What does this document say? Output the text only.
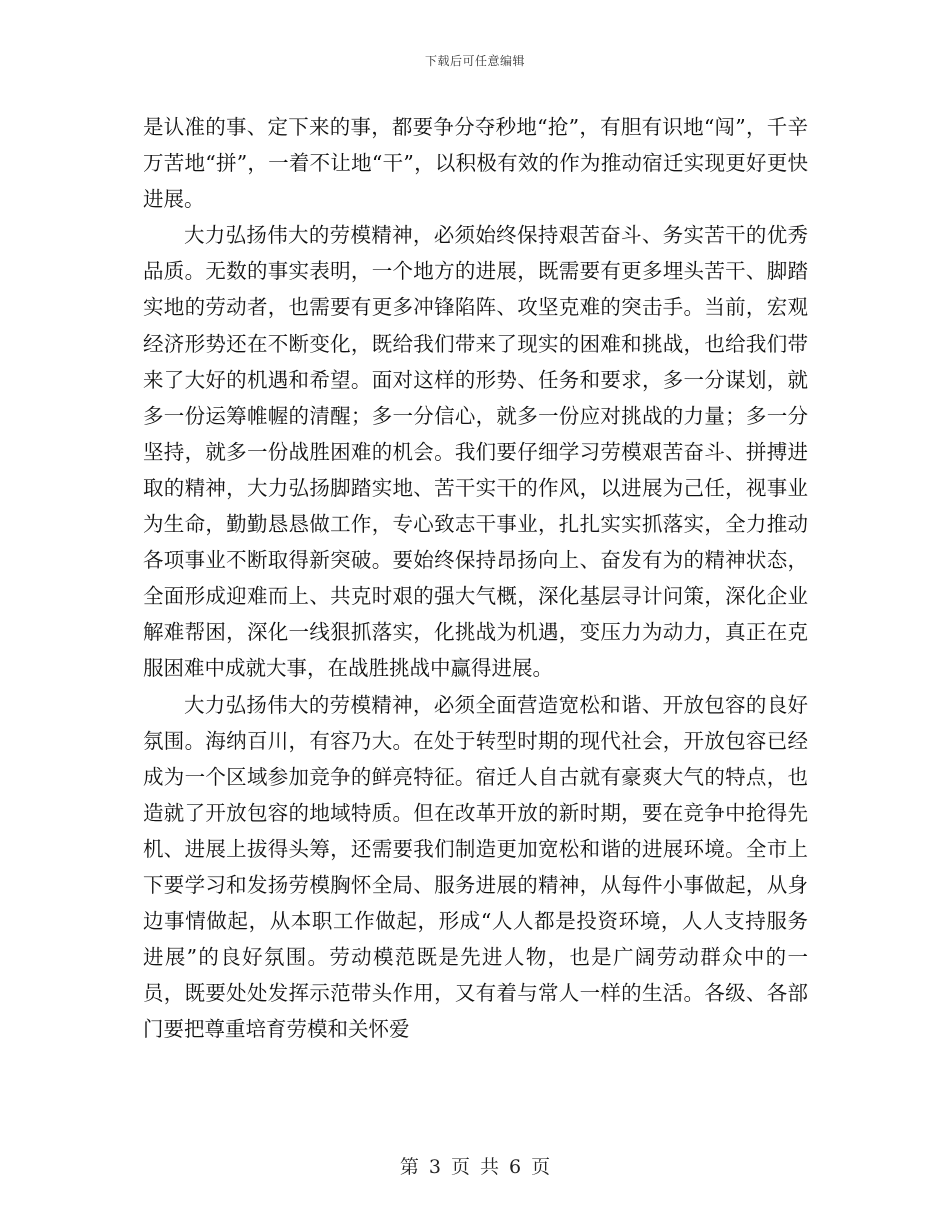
下载后可任意编辑

是认准的事、定下来的事，都要争分夺秒地“抢”，有胆有识地“闯”，千辛万苦地“拼”，一着不让地“干”，以积极有效的作为推动宿迁实现更好更快进展。

大力弘扬伟大的劳模精神，必须始终保持艰苦奋斗、务实苦干的优秀品质。无数的事实表明，一个地方的进展，既需要有更多埋头苦干、脚踏实地的劳动者，也需要有更多冲锋陷阵、攻坚克难的突击手。当前，宏观经济形势还在不断变化，既给我们带来了现实的困难和挑战，也给我们带来了大好的机遇和希望。面对这样的形势、任务和要求，多一分谋划，就多一份运筹帷幄的清醒；多一分信心，就多一份应对挑战的力量；多一分坚持，就多一份战胜困难的机会。我们要仔细学习劳模艰苦奋斗、拼搏进取的精神，大力弘扬脚踏实地、苦干实干的作风，以进展为己任，视事业为生命，勤勤恳恳做工作，专心致志干事业，扎扎实实抓落实，全力推动各项事业不断取得新突破。要始终保持昂扬向上、奋发有为的精神状态，全面形成迎难而上、共克时艰的强大气概，深化基层寻计问策，深化企业解难帮困，深化一线狠抓落实，化挑战为机遇，变压力为动力，真正在克服困难中成就大事，在战胜挑战中赢得进展。

大力弘扬伟大的劳模精神，必须全面营造宽松和谐、开放包容的良好氛围。海纳百川，有容乃大。在处于转型时期的现代社会，开放包容已经成为一个区域参加竞争的鲜亮特征。宿迁人自古就有豪爽大气的特点，也造就了开放包容的地域特质。但在改革开放的新时期，要在竞争中抢得先机、进展上拔得头筹，还需要我们制造更加宽松和谐的进展环境。全市上下要学习和发扬劳模胸怀全局、服务进展的精神，从每件小事做起，从身边事情做起，从本职工作做起，形成“人人都是投资环境，人人支持服务进展”的良好氛围。劳动模范既是先进人物，也是广阔劳动群众中的一员，既要处处发挥示范带头作用，又有着与常人一样的生活。各级、各部门要把尊重培育劳模和关怀爱

第 3 页 共 6 页
